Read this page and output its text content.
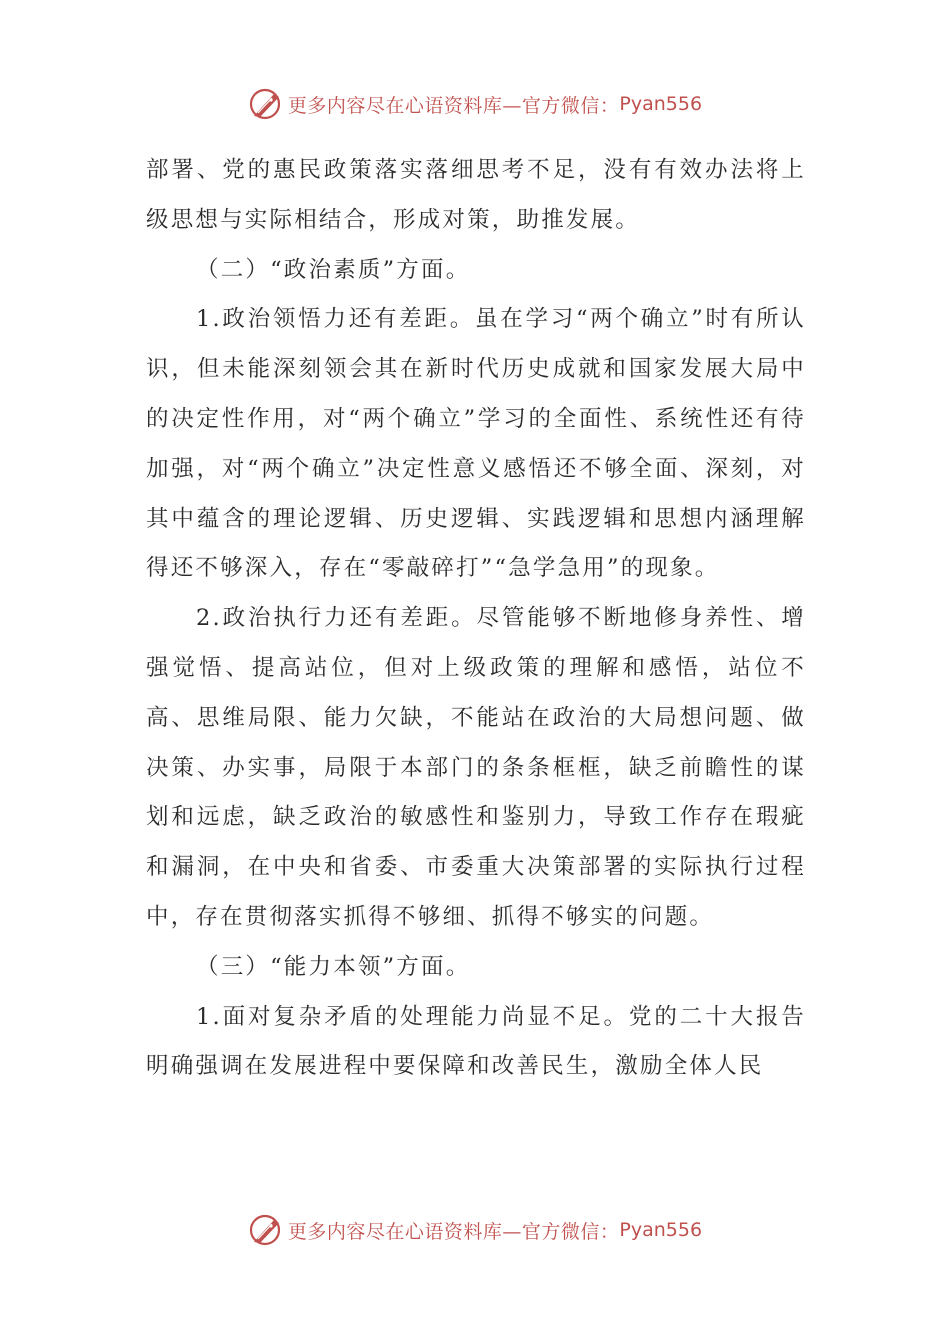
更多内容尽在心语资料库—官方微信： Pyan556

部署、党的惠民政策落实落细思考不足，没有有效办法将上级思想与实际相结合，形成对策，助推发展。

（二）“政治素质”方面。

1.政治领悟力还有差距。虽在学习“两个确立”时有所认识，但未能深刻领会其在新时代历史成就和国家发展大局中的决定性作用，对“两个确立”学习的全面性、系统性还有待加强，对“两个确立”决定性意义感悟还不够全面、深刻，对其中蕴含的理论逻辑、历史逻辑、实践逻辑和思想内涵理解得还不够深入，存在“零敲碎打”“急学急用”的现象。

2.政治执行力还有差距。尽管能够不断地修身养性、增强觉悟、提高站位，但对上级政策的理解和感悟，站位不高、思维局限、能力欠缺，不能站在政治的大局想问题、做决策、办实事，局限于本部门的条条框框，缺乏前瞻性的谋划和远虑，缺乏政治的敏感性和鉴别力，导致工作存在瑕疵和漏洞，在中央和省委、市委重大决策部署的实际执行过程中，存在贯彻落实抓得不够细、抓得不够实的问题。

（三）“能力本领”方面。

1.面对复杂矛盾的处理能力尚显不足。党的二十大报告明确强调在发展进程中要保障和改善民生，激励全体人民

更多内容尽在心语资料库—官方微信： Pyan556
